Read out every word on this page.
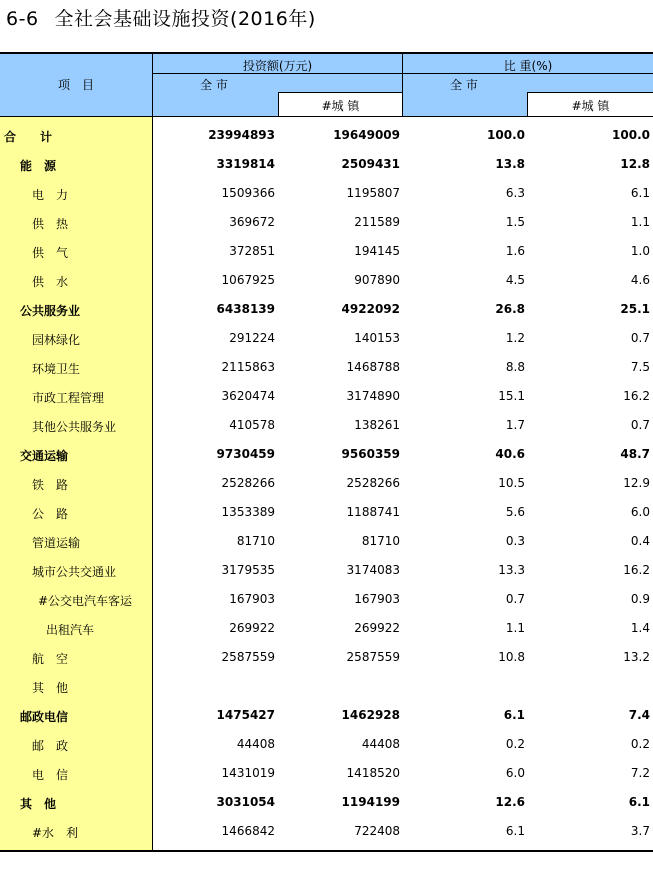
6-6 全社会基础设施投资(2016年)
项　目
投资额(万元)	比 重(%)
全 市
#城 镇
全 市
#城 镇
合　　计	23994893	19649009	100.0	100.0
能　源	3319814	2509431	13.8	12.8
电　力	1509366	1195807	6.3	6.1
供　热	369672	211589	1.5	1.1
供　气	372851	194145	1.6	1.0
供　水	1067925	907890	4.5	4.6
公共服务业	6438139	4922092	26.8	25.1
园林绿化	291224	140153	1.2	0.7
环境卫生	2115863	1468788	8.8	7.5
市政工程管理	3620474	3174890	15.1	16.2
其他公共服务业	410578	138261	1.7	0.7
交通运输	9730459	9560359	40.6	48.7
铁　路	2528266	2528266	10.5	12.9
公　路	1353389	1188741	5.6	6.0
管道运输	81710	81710	0.3	0.4
城市公共交通业	3179535	3174083	13.3	16.2
#公交电汽车客运	167903	167903	0.7	0.9
出租汽车	269922	269922	1.1	1.4
航　空	2587559	2587559	10.8	13.2
其　他
邮政电信	1475427	1462928	6.1	7.4
邮　政	44408	44408	0.2	0.2
电　信	1431019	1418520	6.0	7.2
其　他	3031054	1194199	12.6	6.1
#水　利	1466842	722408	6.1	3.7
